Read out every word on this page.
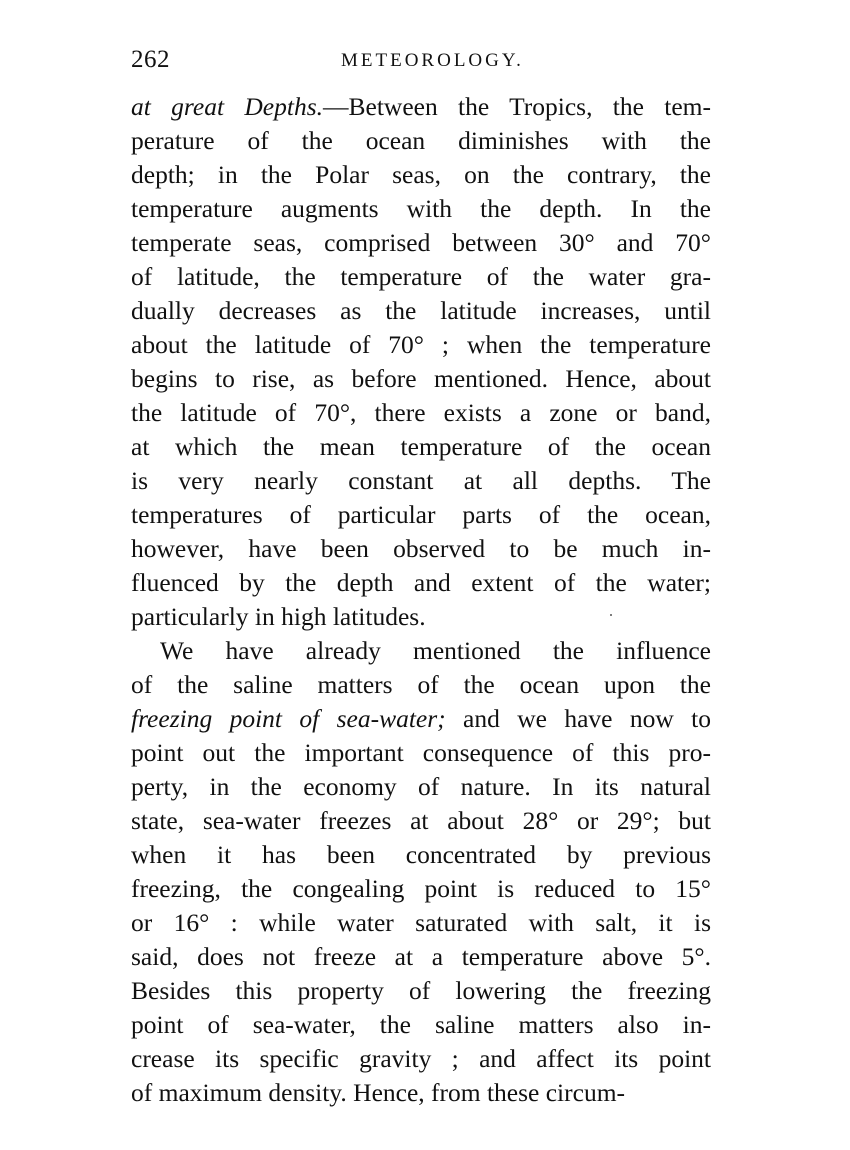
262	METEOROLOGY.
at great Depths.—Between the Tropics, the tem-
perature of the ocean diminishes with the
depth; in the Polar seas, on the contrary, the
temperature augments with the depth. In the
temperate seas, comprised between 30° and 70°
of latitude, the temperature of the water gra-
dually decreases as the latitude increases, until
about the latitude of 70° ; when the temperature
begins to rise, as before mentioned. Hence, about
the latitude of 70°, there exists a zone or band,
at which the mean temperature of the ocean
is very nearly constant at all depths. The
temperatures of particular parts of the ocean,
however, have been observed to be much in-
fluenced by the depth and extent of the water;
particularly in high latitudes.
We have already mentioned the influence
of the saline matters of the ocean upon the
freezing point of sea-water; and we have now to
point out the important consequence of this pro-
perty, in the economy of nature. In its natural
state, sea-water freezes at about 28° or 29°; but
when it has been concentrated by previous
freezing, the congealing point is reduced to 15°
or 16° : while water saturated with salt, it is
said, does not freeze at a temperature above 5°.
Besides this property of lowering the freezing
point of sea-water, the saline matters also in-
crease its specific gravity ; and affect its point
of maximum density. Hence, from these circum-
